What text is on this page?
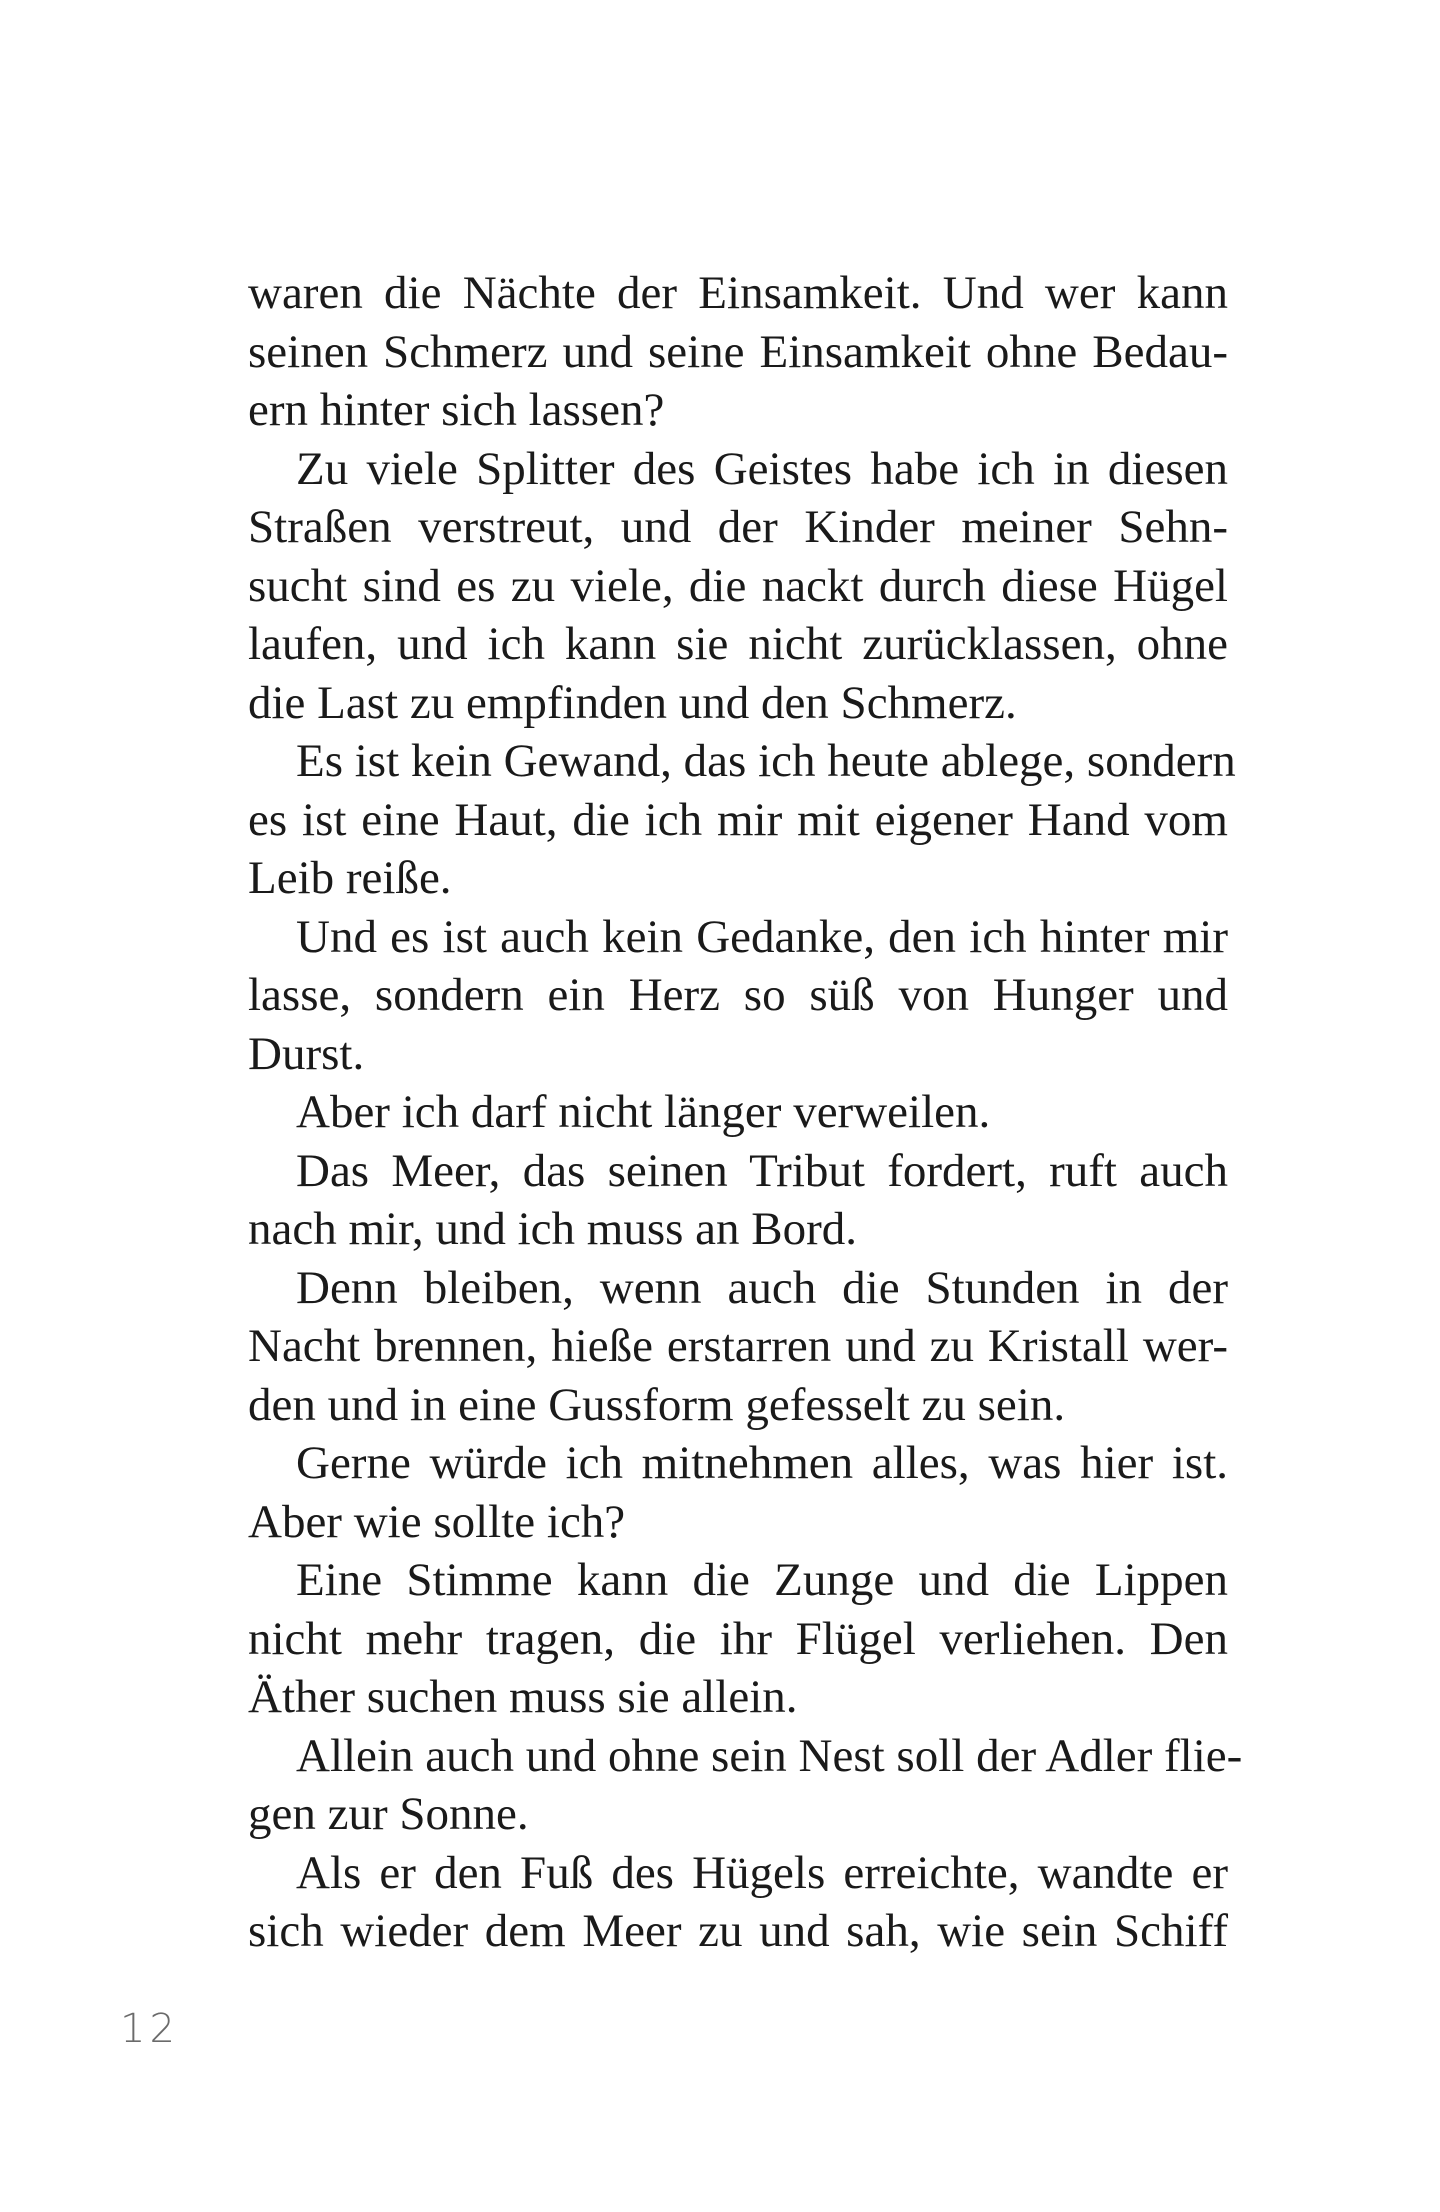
waren die Nächte der Einsamkeit. Und wer kann
seinen Schmerz und seine Einsamkeit ohne Bedau-
ern hinter sich lassen?
Zu viele Splitter des Geistes habe ich in diesen
Straßen verstreut, und der Kinder meiner Sehn-
sucht sind es zu viele, die nackt durch diese Hügel
laufen, und ich kann sie nicht zurücklassen, ohne
die Last zu empfinden und den Schmerz.
Es ist kein Gewand, das ich heute ablege, sondern
es ist eine Haut, die ich mir mit eigener Hand vom
Leib reiße.
Und es ist auch kein Gedanke, den ich hinter mir
lasse, sondern ein Herz so süß von Hunger und
Durst.
Aber ich darf nicht länger verweilen.
Das Meer, das seinen Tribut fordert, ruft auch
nach mir, und ich muss an Bord.
Denn bleiben, wenn auch die Stunden in der
Nacht brennen, hieße erstarren und zu Kristall wer-
den und in eine Gussform gefesselt zu sein.
Gerne würde ich mitnehmen alles, was hier ist.
Aber wie sollte ich?
Eine Stimme kann die Zunge und die Lippen
nicht mehr tragen, die ihr Flügel verliehen. Den
Äther suchen muss sie allein.
Allein auch und ohne sein Nest soll der Adler flie-
gen zur Sonne.
Als er den Fuß des Hügels erreichte, wandte er
sich wieder dem Meer zu und sah, wie sein Schiff
12
